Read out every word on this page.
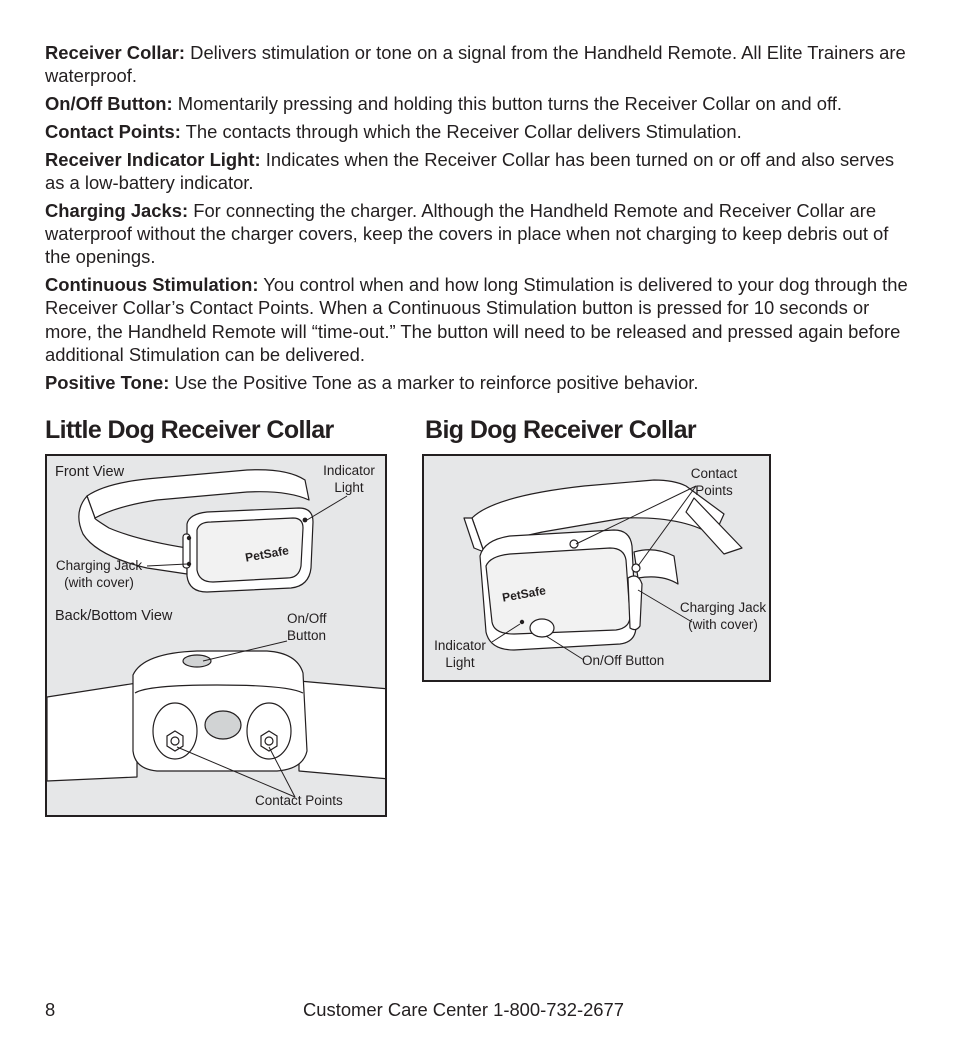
Receiver Collar: Delivers stimulation or tone on a signal from the Handheld Remote. All Elite Trainers are waterproof.

On/Off Button: Momentarily pressing and holding this button turns the Receiver Collar on and off.

Contact Points: The contacts through which the Receiver Collar delivers Stimulation.

Receiver Indicator Light: Indicates when the Receiver Collar has been turned on or off and also serves as a low-battery indicator.

Charging Jacks: For connecting the charger. Although the Handheld Remote and Receiver Collar are waterproof without the charger covers, keep the covers in place when not charging to keep debris out of the openings.

Continuous Stimulation: You control when and how long Stimulation is delivered to your dog through the Receiver Collar’s Contact Points. When a Continuous Stimulation button is pressed for 10 seconds or more, the Handheld Remote will “time-out.” The button will need to be released and pressed again before additional Stimulation can be delivered.

Positive Tone: Use the Positive Tone as a marker to reinforce positive behavior.

Little Dog Receiver Collar	Big Dog Receiver Collar
Front View	Indicator Light
Charging Jack (with cover)
PetSafe
Back/Bottom View	On/Off Button
Contact Points
PetSafe
Contact Points
Charging Jack (with cover)
Indicator Light	On/Off Button
8	Customer Care Center 1-800-732-2677
